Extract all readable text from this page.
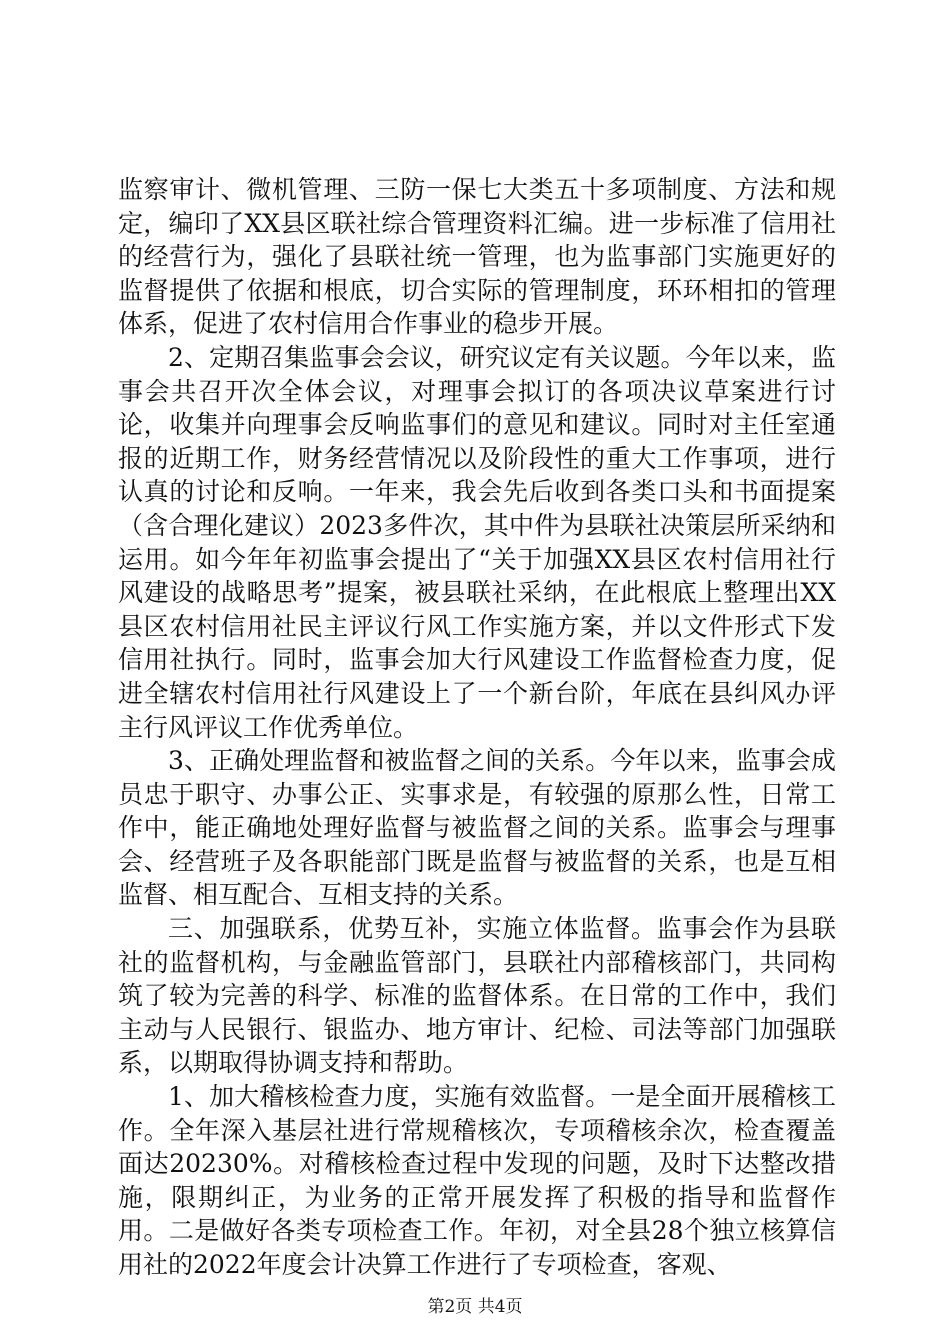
监察审计、微机管理、三防一保七大类五十多项制度、方法和规定，编印了XX县区联社综合管理资料汇编。进一步标准了信用社的经营行为，强化了县联社统一管理，也为监事部门实施更好的监督提供了依据和根底，切合实际的管理制度，环环相扣的管理体系，促进了农村信用合作事业的稳步开展。

2、定期召集监事会会议，研究议定有关议题。今年以来，监事会共召开次全体会议，对理事会拟订的各项决议草案进行讨论，收集并向理事会反响监事们的意见和建议。同时对主任室通报的近期工作，财务经营情况以及阶段性的重大工作事项，进行认真的讨论和反响。一年来，我会先后收到各类口头和书面提案（含合理化建议）2023多件次，其中件为县联社决策层所采纳和运用。如今年年初监事会提出了“关于加强XX县区农村信用社行风建设的战略思考”提案，被县联社采纳，在此根底上整理出XX县区农村信用社民主评议行风工作实施方案，并以文件形式下发信用社执行。同时，监事会加大行风建设工作监督检查力度，促进全辖农村信用社行风建设上了一个新台阶，年底在县纠风办评主行风评议工作优秀单位。

3、正确处理监督和被监督之间的关系。今年以来，监事会成员忠于职守、办事公正、实事求是，有较强的原那么性，日常工作中，能正确地处理好监督与被监督之间的关系。监事会与理事会、经营班子及各职能部门既是监督与被监督的关系，也是互相监督、相互配合、互相支持的关系。

三、加强联系，优势互补，实施立体监督。监事会作为县联社的监督机构，与金融监管部门，县联社内部稽核部门，共同构筑了较为完善的科学、标准的监督体系。在日常的工作中，我们主动与人民银行、银监办、地方审计、纪检、司法等部门加强联系，以期取得协调支持和帮助。

1、加大稽核检查力度，实施有效监督。一是全面开展稽核工作。全年深入基层社进行常规稽核次，专项稽核余次，检查覆盖面达20230%。对稽核检查过程中发现的问题，及时下达整改措施，限期纠正，为业务的正常开展发挥了积极的指导和监督作用。二是做好各类专项检查工作。年初，对全县28个独立核算信用社的2022年度会计决算工作进行了专项检查，客观、

第2页 共4页
